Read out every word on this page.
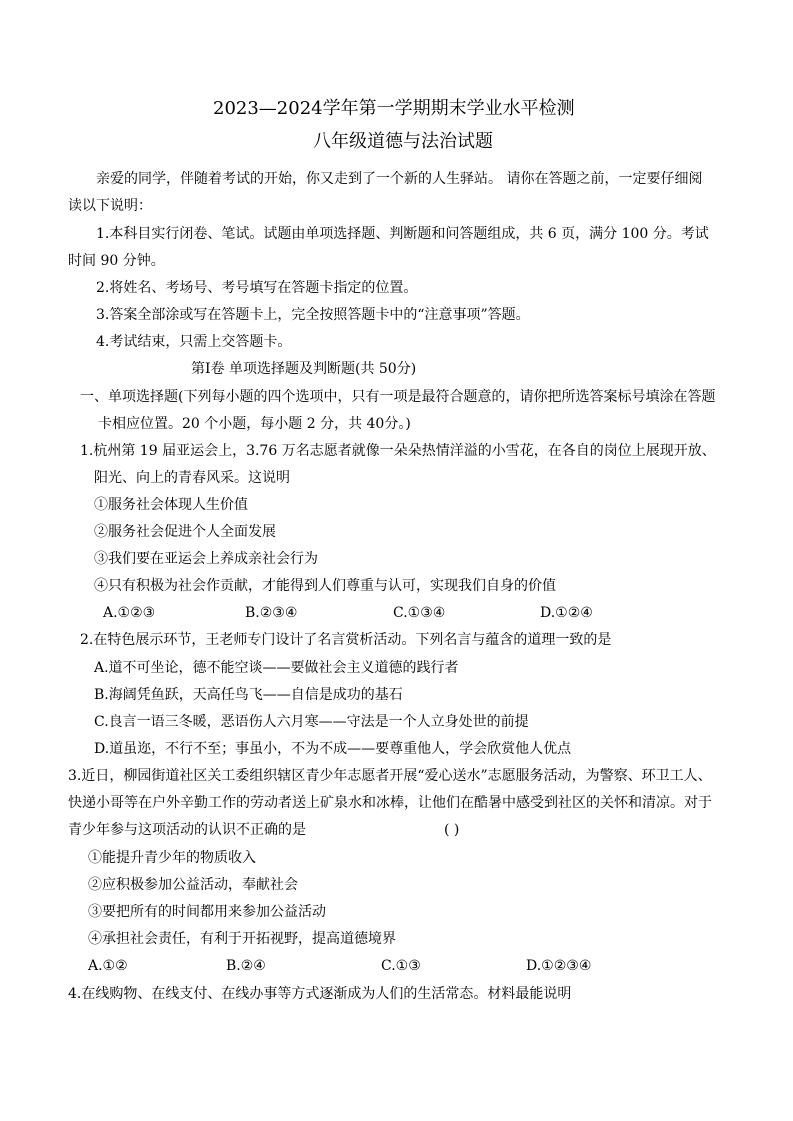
2023—2024学年第一学期期末学业水平检测
八年级道德与法治试题
亲爱的同学，伴随着考试的开始，你又走到了一个新的人生驿站。 请你在答题之前，一定要仔细阅
读以下说明：
1.本科目实行闭卷、笔试。试题由单项选择题、判断题和问答题组成，共 6 页，满分 100 分。考试
时间 90 分钟。
2.将姓名、考场号、考号填写在答题卡指定的位置。
3.答案全部涂或写在答题卡上，完全按照答题卡中的“注意事项”答题。
4.考试结束，只需上交答题卡。
第Ⅰ卷 单项选择题及判断题(共 50分)
一、单项选择题(下列每小题的四个选项中，只有一项是最符合题意的，请你把所选答案标号填涂在答题
卡相应位置。20 个小题，每小题 2 分，共 40分。)
1.杭州第 19 届亚运会上，3.76 万名志愿者就像一朵朵热情洋溢的小雪花，在各自的岗位上展现开放、
阳光、向上的青春风采。这说明
①服务社会体现人生价值
②服务社会促进个人全面发展
③我们要在亚运会上养成亲社会行为
④只有积极为社会作贡献，才能得到人们尊重与认可，实现我们自身的价值
A.①②③	B.②③④	C.①③④	D.①②④
2.在特色展示环节，王老师专门设计了名言赏析活动。下列名言与蕴含的道理一致的是
A.道不可坐论，德不能空谈——要做社会主义道德的践行者
B.海阔凭鱼跃，天高任鸟飞——自信是成功的基石
C.良言一语三冬暖，恶语伤人六月寒——守法是一个人立身处世的前提
D.道虽迩，不行不至；事虽小，不为不成——要尊重他人，学会欣赏他人优点
3.近日，柳园街道社区关工委组织辖区青少年志愿者开展“爱心送水”志愿服务活动，为警察、环卫工人、
快递小哥等在户外辛勤工作的劳动者送上矿泉水和冰棒，让他们在酷暑中感受到社区的关怀和清凉。对于
青少年参与这项活动的认识不正确的是	( )
①能提升青少年的物质收入
②应积极参加公益活动，奉献社会
③要把所有的时间都用来参加公益活动
④承担社会责任，有利于开拓视野，提高道德境界
A.①②	B.②④	C.①③	D.①②③④
4.在线购物、在线支付、在线办事等方式逐渐成为人们的生活常态。材料最能说明
